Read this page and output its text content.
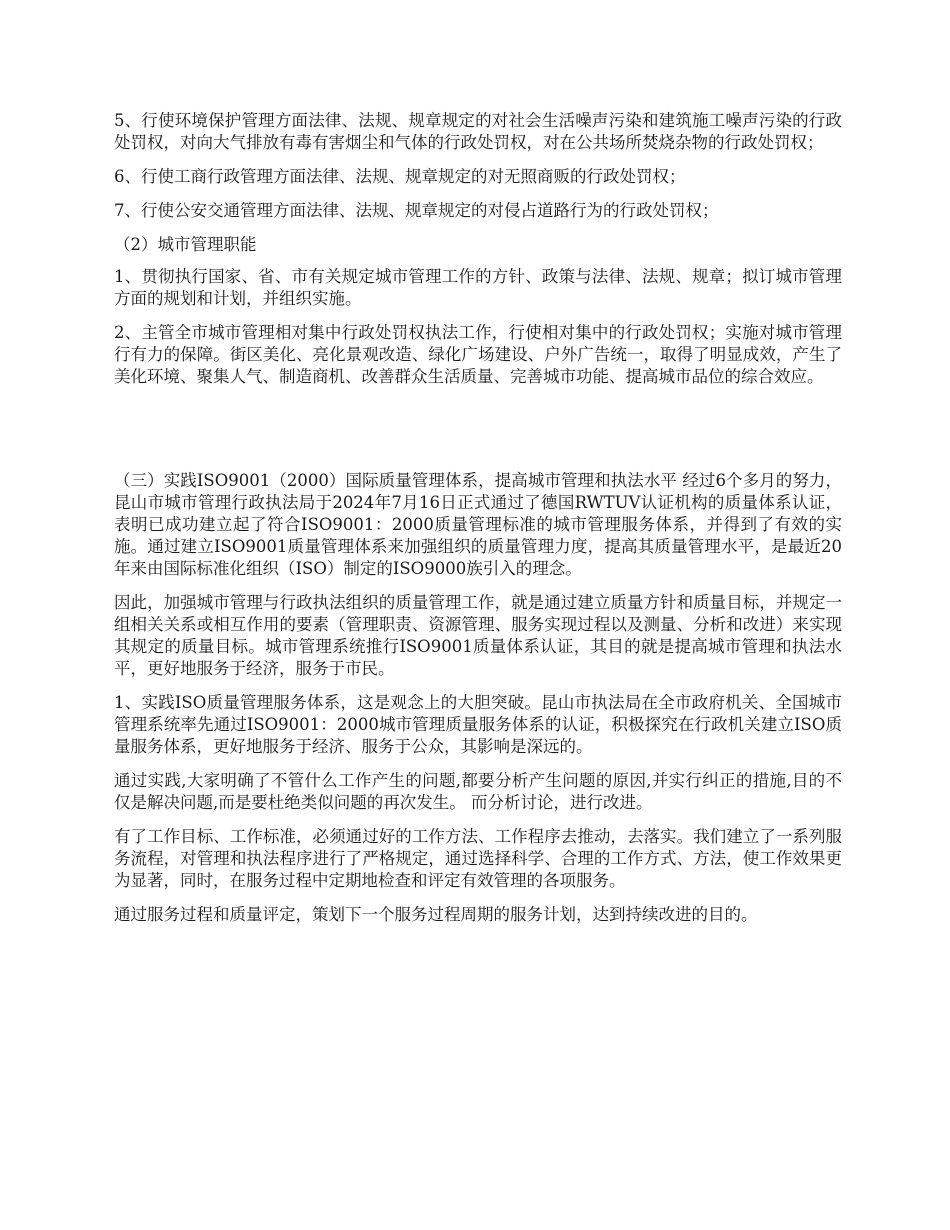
5、行使环境保护管理方面法律、法规、规章规定的对社会生活噪声污染和建筑施工噪声污染的行政处罚权，对向大气排放有毒有害烟尘和气体的行政处罚权，对在公共场所焚烧杂物的行政处罚权；

6、行使工商行政管理方面法律、法规、规章规定的对无照商贩的行政处罚权；

7、行使公安交通管理方面法律、法规、规章规定的对侵占道路行为的行政处罚权；

（2）城市管理职能

1、贯彻执行国家、省、市有关规定城市管理工作的方针、政策与法律、法规、规章；拟订城市管理方面的规划和计划，并组织实施。

2、主管全市城市管理相对集中行政处罚权执法工作，行使相对集中的行政处罚权；实施对城市管理行有力的保障。街区美化、亮化景观改造、绿化广场建设、户外广告统一，取得了明显成效，产生了美化环境、聚集人气、制造商机、改善群众生活质量、完善城市功能、提高城市品位的综合效应。

（三）实践ISO9001（2000）国际质量管理体系，提高城市管理和执法水平 经过6个多月的努力，昆山市城市管理行政执法局于2024年7月16日正式通过了德国RWTUV认证机构的质量体系认证，表明已成功建立起了符合ISO9001：2000质量管理标准的城市管理服务体系，并得到了有效的实施。通过建立ISO9001质量管理体系来加强组织的质量管理力度，提高其质量管理水平，是最近20年来由国际标准化组织（ISO）制定的ISO9000族引入的理念。

因此，加强城市管理与行政执法组织的质量管理工作，就是通过建立质量方针和质量目标，并规定一组相关关系或相互作用的要素（管理职责、资源管理、服务实现过程以及测量、分析和改进）来实现其规定的质量目标。城市管理系统推行ISO9001质量体系认证，其目的就是提高城市管理和执法水平，更好地服务于经济，服务于市民。

1、实践ISO质量管理服务体系，这是观念上的大胆突破。昆山市执法局在全市政府机关、全国城市管理系统率先通过ISO9001：2000城市管理质量服务体系的认证，积极探究在行政机关建立ISO质量服务体系，更好地服务于经济、服务于公众，其影响是深远的。

通过实践,大家明确了不管什么工作产生的问题,都要分析产生问题的原因,并实行纠正的措施,目的不仅是解决问题,而是要杜绝类似问题的再次发生。 而分析讨论，进行改进。

有了工作目标、工作标准，必须通过好的工作方法、工作程序去推动，去落实。我们建立了一系列服务流程，对管理和执法程序进行了严格规定，通过选择科学、合理的工作方式、方法，使工作效果更为显著，同时，在服务过程中定期地检查和评定有效管理的各项服务。

通过服务过程和质量评定，策划下一个服务过程周期的服务计划，达到持续改进的目的。
